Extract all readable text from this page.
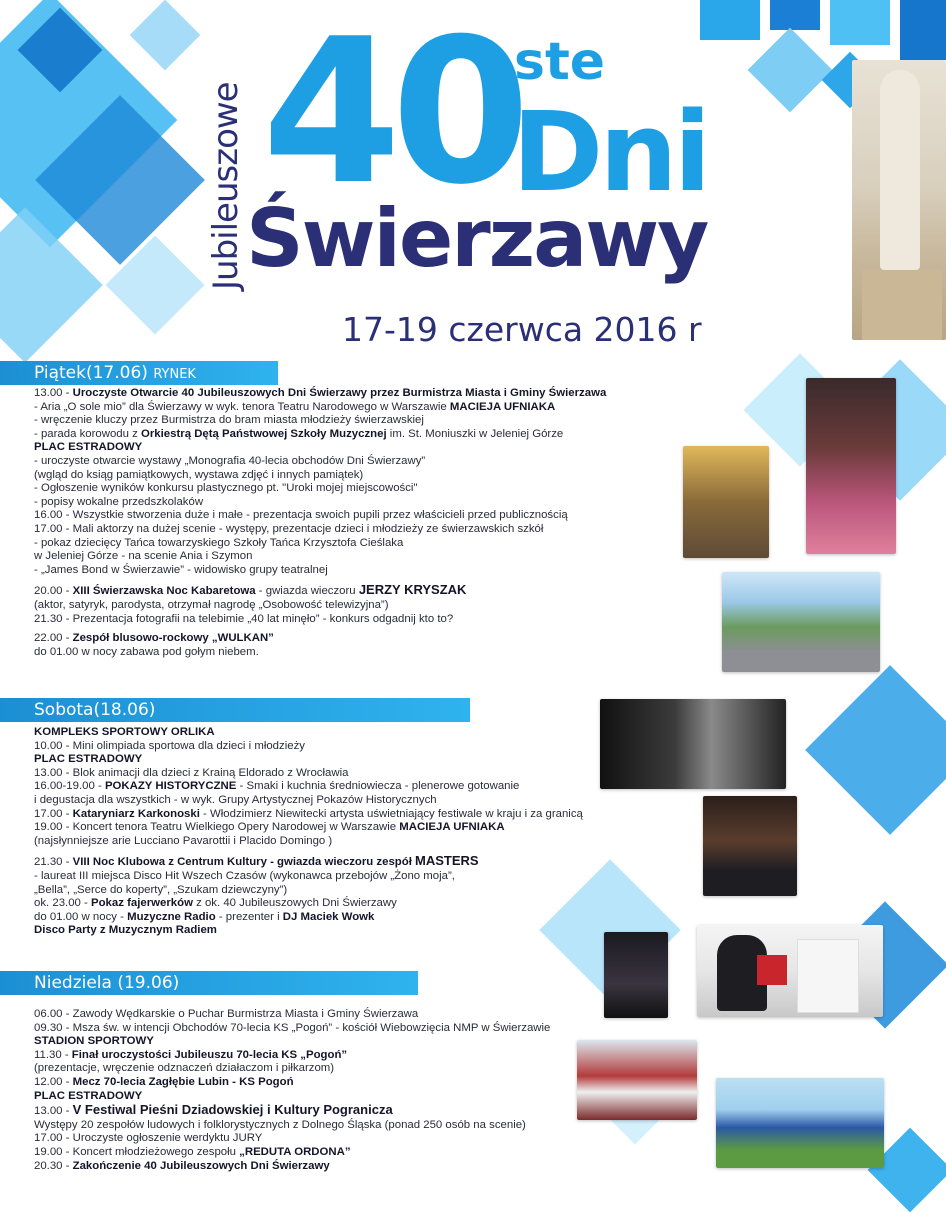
40
ste
Dni
Świerzawy
Jubileuszowe
17-19 czerwca 2016 r
Piątek(17.06) RYNEK
Sobota(18.06)
Niedziela (19.06)
13.00 - Uroczyste Otwarcie 40 Jubileuszowych Dni Świerzawy przez Burmistrza Miasta i Gminy Świerzawa
- Aria „O sole mio” dla Świerzawy w wyk. tenora Teatru Narodowego w Warszawie MACIEJA UFNIAKA
- wręczenie kluczy przez Burmistrza do bram miasta młodzieży świerzawskiej
- parada korowodu z Orkiestrą Dętą Państwowej Szkoły Muzycznej im. St. Moniuszki w Jeleniej Górze
PLAC ESTRADOWY
- uroczyste otwarcie wystawy „Monografia 40-lecia obchodów Dni Świerzawy”
(wgląd do ksiąg pamiątkowych, wystawa zdjęć i innych pamiątek)
- Ogłoszenie wyników konkursu plastycznego pt. "Uroki mojej miejscowości"
- popisy wokalne przedszkolaków
16.00 - Wszystkie stworzenia duże i małe - prezentacja swoich pupili przez właścicieli przed publicznością
17.00 - Mali aktorzy na dużej scenie - występy, prezentacje dzieci i młodzieży ze świerzawskich szkół
- pokaz dziecięcy Tańca towarzyskiego Szkoły Tańca Krzysztofa Cieślaka
w Jeleniej Górze - na scenie Ania i Szymon
- „James Bond w Świerzawie” - widowisko grupy teatralnej
20.00 - XIII Świerzawska Noc Kabaretowa - gwiazda wieczoru JERZY KRYSZAK
(aktor, satyryk, parodysta, otrzymał nagrodę „Osobowość telewizyjna”)
21.30 - Prezentacja fotografii na telebimie „40 lat minęło” - konkurs odgadnij kto to?
22.00 - Zespół blusowo-rockowy „WULKAN”
do 01.00 w nocy zabawa pod gołym niebem.
KOMPLEKS SPORTOWY ORLIKA
10.00 - Mini olimpiada sportowa dla dzieci i młodzieży
PLAC ESTRADOWY
13.00 - Blok animacji dla dzieci z Krainą Eldorado z Wrocławia
16.00-19.00 - POKAZY HISTORYCZNE - Smaki i kuchnia średniowiecza - plenerowe gotowanie
i degustacja dla wszystkich - w wyk. Grupy Artystycznej Pokazów Historycznych
17.00 - Kataryniarz Karkonoski - Włodzimierz Niewitecki artysta uświetniający festiwale w kraju i za granicą
19.00 - Koncert tenora Teatru Wielkiego Opery Narodowej w Warszawie MACIEJA UFNIAKA
(najsłynniejsze arie Lucciano Pavarottii i Placido Domingo )
21.30 - VIII Noc Klubowa z Centrum Kultury - gwiazda wieczoru zespół MASTERS
- laureat III miejsca Disco Hit Wszech Czasów (wykonawca przebojów „Żono moja”,
„Bella”, „Serce do koperty”, „Szukam dziewczyny”)
ok. 23.00 - Pokaz fajerwerków z ok. 40 Jubileuszowych Dni Świerzawy
do 01.00 w nocy - Muzyczne Radio - prezenter i DJ Maciek Wowk
Disco Party z Muzycznym Radiem
06.00 - Zawody Wędkarskie o Puchar Burmistrza Miasta i Gminy Świerzawa
09.30 - Msza św. w intencji Obchodów 70-lecia KS „Pogoń” - kościół Wiebowzięcia NMP w Świerzawie
STADION SPORTOWY
11.30 - Finał uroczystości Jubileuszu 70-lecia KS „Pogoń”
(prezentacje, wręczenie odznaczeń działaczom i piłkarzom)
12.00 - Mecz 70-lecia Zagłębie Lubin - KS Pogoń
PLAC ESTRADOWY
13.00 - V Festiwal Pieśni Dziadowskiej i Kultury Pogranicza
Występy 20 zespołów ludowych i folklorystycznych z Dolnego Śląska (ponad 250 osób na scenie)
17.00 - Uroczyste ogłoszenie werdyktu JURY
19.00 - Koncert młodzieżowego zespołu „REDUTA ORDONA”
20.30 - Zakończenie 40 Jubileuszowych Dni Świerzawy
